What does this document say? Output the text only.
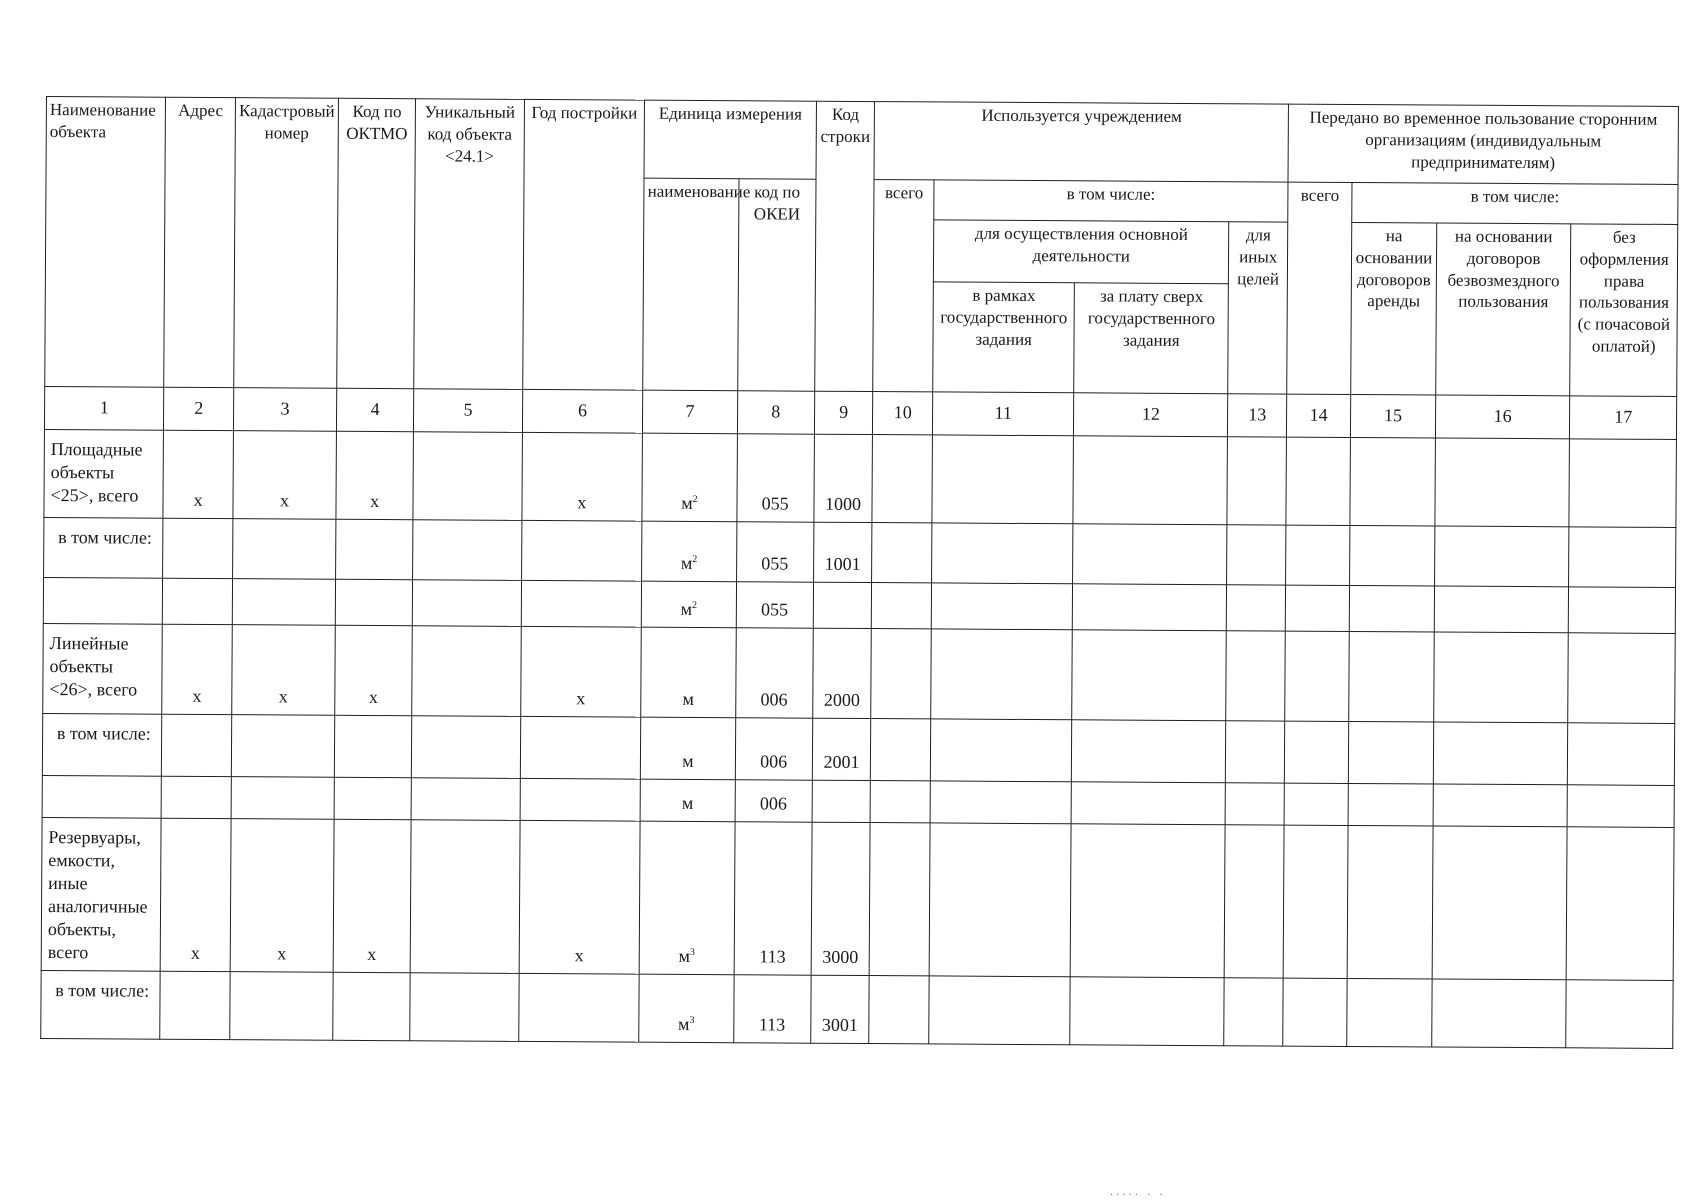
Наименование объекта	Адрес	Кадастровый номер	Код по ОКТМО	Уникальный код объекта <24.1>	Год постройки	Единица измерения		Код строки	Используется учреждением				Передано во временное пользование сторонним организациям (индивидуальным предпринимателям)			
						наименование	код по ОКЕИ		всего	в том числе:			всего	в том числе:		
										для осуществления основной деятельности		для иных целей		на основании договоров аренды	на основании договоров безвозмездного пользования	без оформления права пользования (с почасовой оплатой)
										в рамках государственного задания	за плату сверх государственного задания					
1	2	3	4	5	6	7	8	9	10	11	12	13	14	15	16	17
Площадные объекты <25>, всего	х	х	х		х	$м^2$	055	1000								
в том числе:						$м^2$	055	1001								
						$м^2$	055									
Линейные объекты <26>, всего	х	х	х		х	м	006	2000								
в том числе:						м	006	2001								
						м	006									
Резервуары, емкости, иные аналогичные объекты, всего	х	х	х		х	$м^3$	113	3000								
в том числе:						$м^3$	113	3001								
····· · ·
